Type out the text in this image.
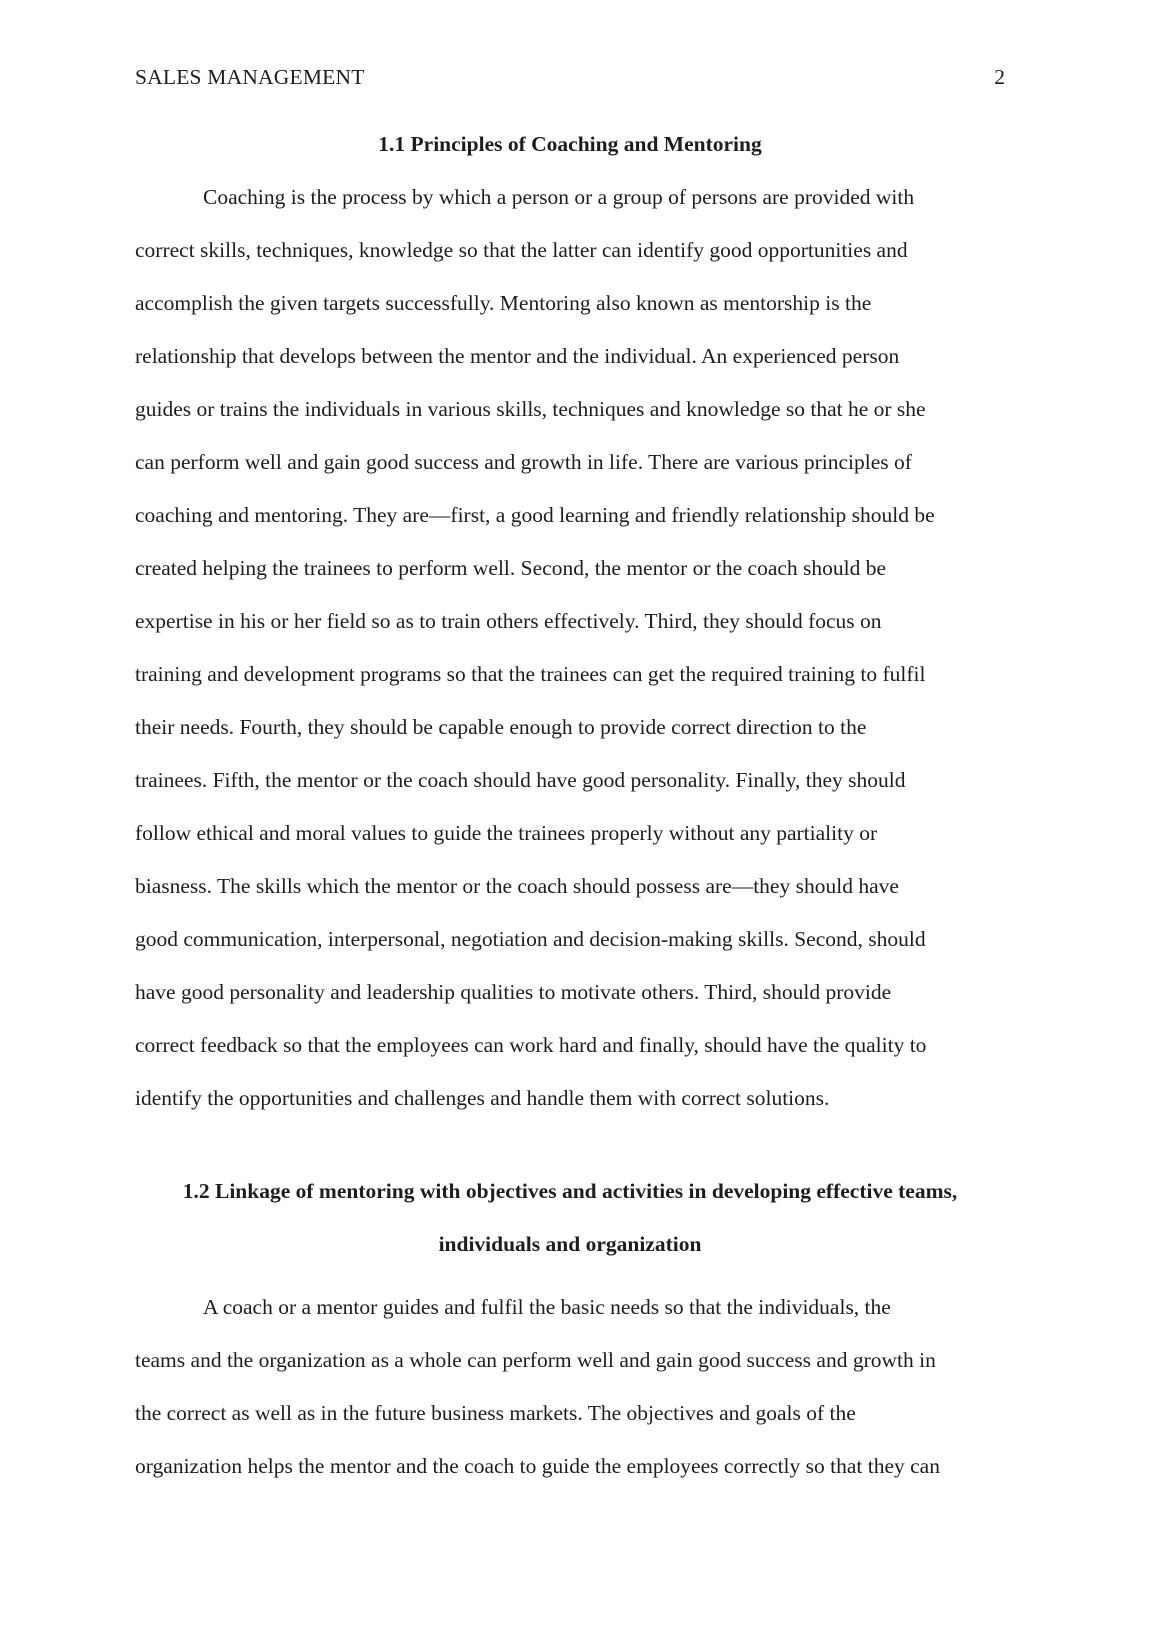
SALES MANAGEMENT	2
1.1 Principles of Coaching and Mentoring
Coaching is the process by which a person or a group of persons are provided with
correct skills, techniques, knowledge so that the latter can identify good opportunities and
accomplish the given targets successfully. Mentoring also known as mentorship is the
relationship that develops between the mentor and the individual. An experienced person
guides or trains the individuals in various skills, techniques and knowledge so that he or she
can perform well and gain good success and growth in life. There are various principles of
coaching and mentoring. They are—first, a good learning and friendly relationship should be
created helping the trainees to perform well. Second, the mentor or the coach should be
expertise in his or her field so as to train others effectively. Third, they should focus on
training and development programs so that the trainees can get the required training to fulfil
their needs. Fourth, they should be capable enough to provide correct direction to the
trainees. Fifth, the mentor or the coach should have good personality. Finally, they should
follow ethical and moral values to guide the trainees properly without any partiality or
biasness. The skills which the mentor or the coach should possess are—they should have
good communication, interpersonal, negotiation and decision-making skills. Second, should
have good personality and leadership qualities to motivate others. Third, should provide
correct feedback so that the employees can work hard and finally, should have the quality to
identify the opportunities and challenges and handle them with correct solutions.
1.2 Linkage of mentoring with objectives and activities in developing effective teams,
individuals and organization
A coach or a mentor guides and fulfil the basic needs so that the individuals, the
teams and the organization as a whole can perform well and gain good success and growth in
the correct as well as in the future business markets. The objectives and goals of the
organization helps the mentor and the coach to guide the employees correctly so that they can
